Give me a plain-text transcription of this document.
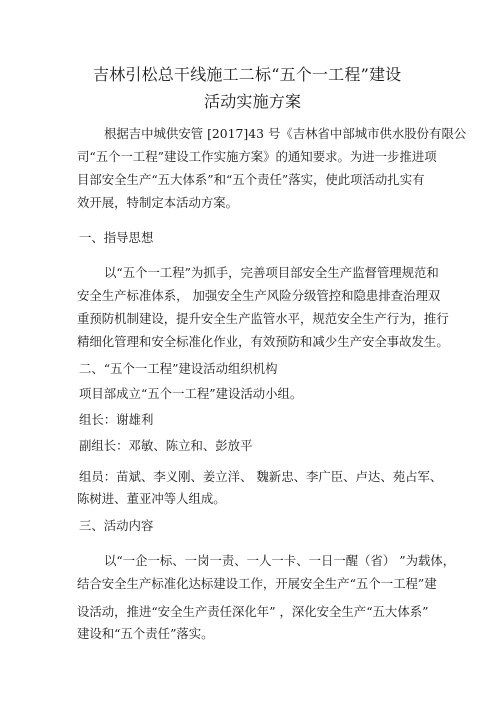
吉林引松总干线施工二标“五个一工程”建设
活动实施方案
根据吉中城供安管 [2017]43 号《吉林省中部城市供水股份有限公
司“五个一工程”建设工作实施方案》的通知要求。为进一步推进项
目部安全生产“五大体系”和“五个责任”落实，使此项活动扎实有
效开展，特制定本活动方案。
一、指导思想
以“五个一工程”为抓手，完善项目部安全生产监督管理规范和
安全生产标准体系， 加强安全生产风险分级管控和隐患排查治理双
重预防机制建设，提升安全生产监管水平，规范安全生产行为，推行
精细化管理和安全标准化作业，有效预防和减少生产安全事故发生。
二、“五个一工程”建设活动组织机构
项目部成立“五个一工程”建设活动小组。
组长：谢雄利
副组长：邓敏、陈立和、彭放平
组员：苗斌、李义刚、姜立洋、 魏新忠、李广臣、卢达、苑占军、
陈树进、董亚冲等人组成。
三、活动内容
以“一企一标、一岗一责、一人一卡、一日一醒（省） ”为载体，
结合安全生产标准化达标建设工作，开展安全生产“五个一工程”建
设活动，推进“安全生产责任深化年” ，深化安全生产“五大体系”
建设和“五个责任”落实。
